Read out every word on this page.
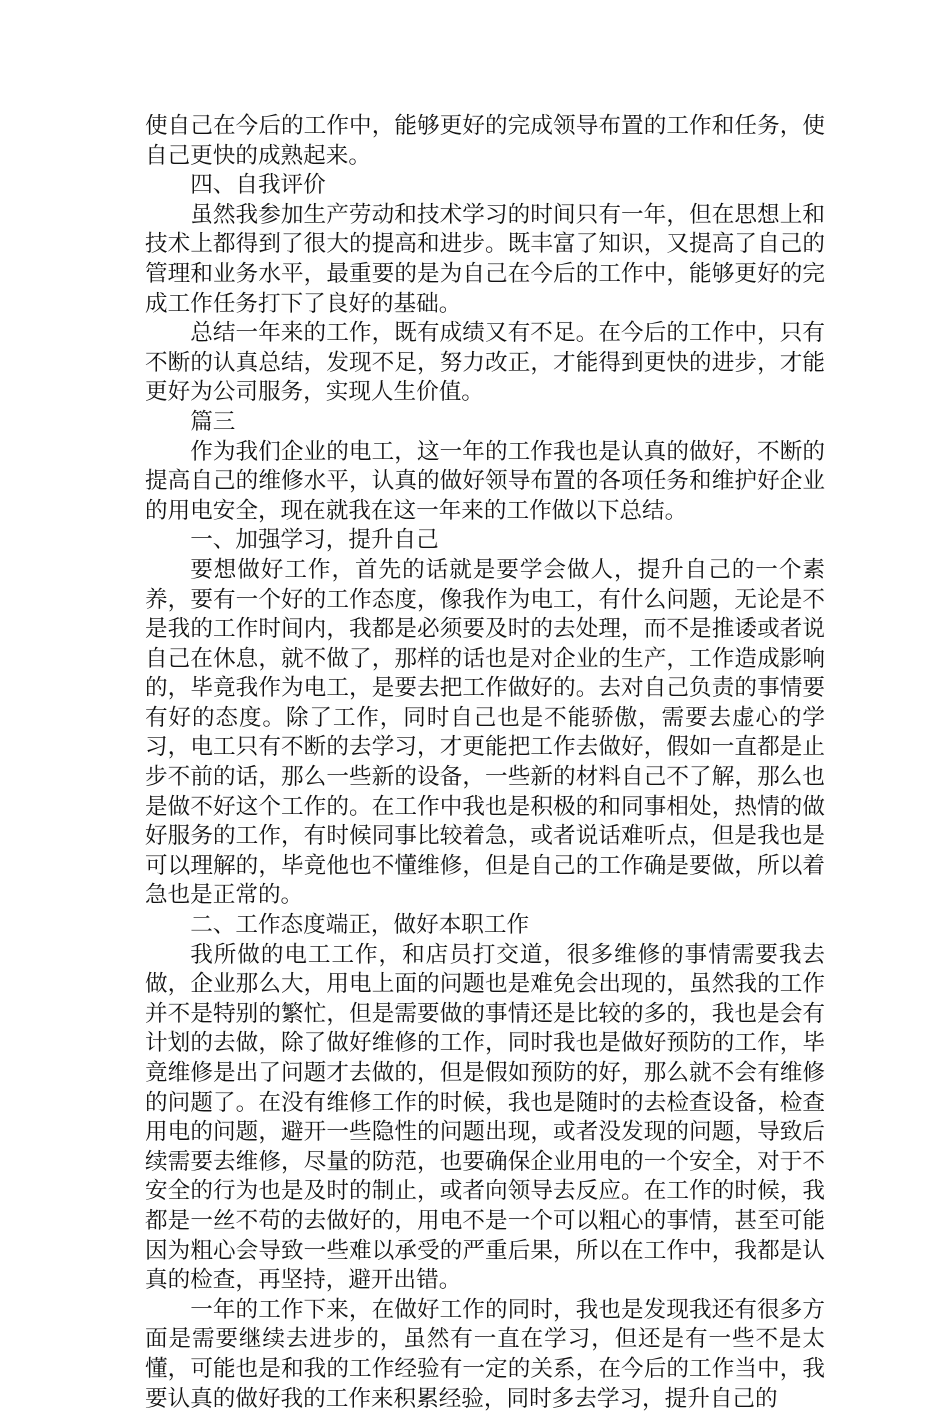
使自己在今后的工作中，能够更好的完成领导布置的工作和任务，使自己更快的成熟起来。

四、自我评价

虽然我参加生产劳动和技术学习的时间只有一年，但在思想上和技术上都得到了很大的提高和进步。既丰富了知识，又提高了自己的管理和业务水平，最重要的是为自己在今后的工作中，能够更好的完成工作任务打下了良好的基础。

总结一年来的工作，既有成绩又有不足。在今后的工作中，只有不断的认真总结，发现不足，努力改正，才能得到更快的进步，才能更好为公司服务，实现人生价值。

篇三

作为我们企业的电工，这一年的工作我也是认真的做好，不断的提高自己的维修水平，认真的做好领导布置的各项任务和维护好企业的用电安全，现在就我在这一年来的工作做以下总结。

一、加强学习，提升自己

要想做好工作，首先的话就是要学会做人，提升自己的一个素养，要有一个好的工作态度，像我作为电工，有什么问题，无论是不是我的工作时间内，我都是必须要及时的去处理，而不是推诿或者说自己在休息，就不做了，那样的话也是对企业的生产，工作造成影响的，毕竟我作为电工，是要去把工作做好的。去对自己负责的事情要有好的态度。除了工作，同时自己也是不能骄傲，需要去虚心的学习，电工只有不断的去学习，才更能把工作去做好，假如一直都是止步不前的话，那么一些新的设备，一些新的材料自己不了解，那么也是做不好这个工作的。在工作中我也是积极的和同事相处，热情的做好服务的工作，有时候同事比较着急，或者说话难听点，但是我也是可以理解的，毕竟他也不懂维修，但是自己的工作确是要做，所以着急也是正常的。

二、工作态度端正，做好本职工作

我所做的电工工作，和店员打交道，很多维修的事情需要我去做，企业那么大，用电上面的问题也是难免会出现的，虽然我的工作并不是特别的繁忙，但是需要做的事情还是比较的多的，我也是会有计划的去做，除了做好维修的工作，同时我也是做好预防的工作，毕竟维修是出了问题才去做的，但是假如预防的好，那么就不会有维修的问题了。在没有维修工作的时候，我也是随时的去检查设备，检查用电的问题，避开一些隐性的问题出现，或者没发现的问题，导致后续需要去维修，尽量的防范，也要确保企业用电的一个安全，对于不安全的行为也是及时的制止，或者向领导去反应。在工作的时候，我都是一丝不苟的去做好的，用电不是一个可以粗心的事情，甚至可能因为粗心会导致一些难以承受的严重后果，所以在工作中，我都是认真的检查，再坚持，避开出错。

一年的工作下来，在做好工作的同时，我也是发现我还有很多方面是需要继续去进步的，虽然有一直在学习，但还是有一些不是太懂，可能也是和我的工作经验有一定的关系，在今后的工作当中，我要认真的做好我的工作来积累经验，同时多去学习，提升自己的
